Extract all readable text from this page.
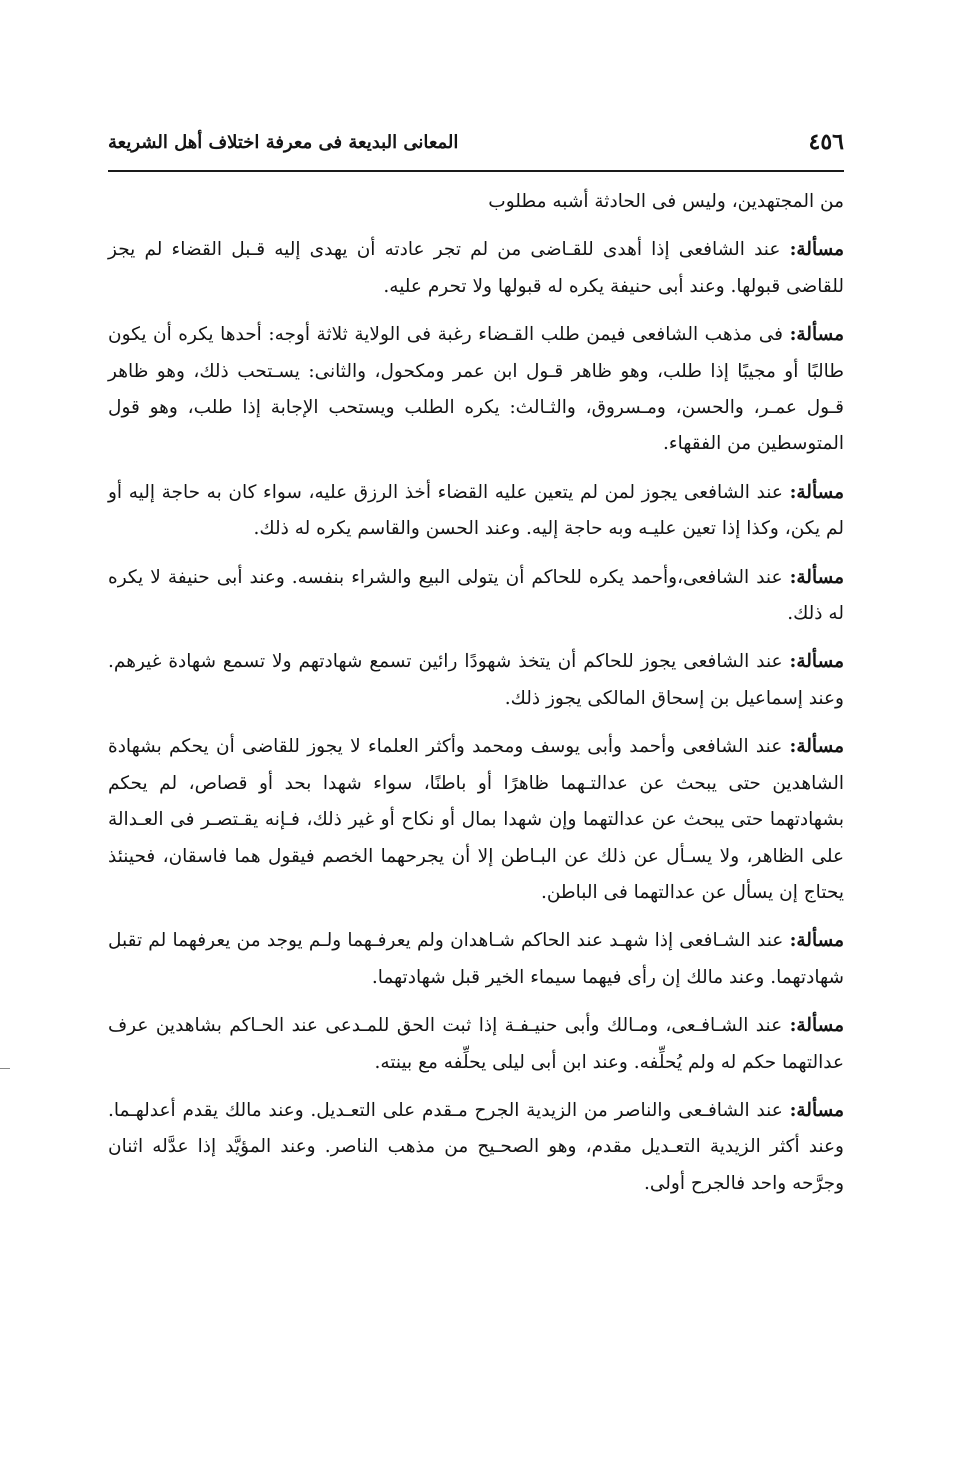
٤٥٦
المعانى البديعة فى معرفة اختلاف أهل الشريعة

من المجتهدين، وليس فى الحادثة أشبه مطلوب

مسألة: عند الشافعى إذا أهدى للقـاضى من لم تجر عادته أن يهدى إليه قـبل القضاء لم يجز للقاضى قبولها. وعند أبى حنيفة يكره له قبولها ولا تحرم عليه.

مسألة: فى مذهب الشافعى فيمن طلب القـضاء رغبة فى الولاية ثلاثة أوجه: أحدها يكره أن يكون طالبًا أو مجيبًا إذا طلب، وهو ظاهر قـول ابن عمر ومكحول، والثانى: يسـتحب ذلك، وهو ظاهر قـول عمـر، والحسن، ومـسروق، والثـالث: يكره الطلب ويستحب الإجابة إذا طلب، وهو قول المتوسطين من الفقهاء.

مسألة: عند الشافعى يجوز لمن لم يتعين عليه القضاء أخذ الرزق عليه، سواء كان به حاجة إليه أو لم يكن، وكذا إذا تعين عليـه وبه حاجة إليه. وعند الحسن والقاسم يكره له ذلك.

مسألة: عند الشافعى،وأحمد يكره للحاكم أن يتولى البيع والشراء بنفسه. وعند أبى حنيفة لا يكره له ذلك.

مسألة: عند الشافعى يجوز للحاكم أن يتخذ شهودًا رائين تسمع شهادتهم ولا تسمع شهادة غيرهم. وعند إسماعيل بن إسحاق المالكى يجوز ذلك.

مسألة: عند الشافعى وأحمد وأبى يوسف ومحمد وأكثر العلماء لا يجوز للقاضى أن يحكم بشهادة الشاهدين حتى يبحث عن عدالتـهما ظاهرًا أو باطنًا، سواء شهدا بحد أو قصاص، لم يحكم بشهادتهما حتى يبحث عن عدالتهما وإن شهدا بمال أو نكاح أو غير ذلك، فـإنه يقـتصـر فى العـدالة على الظاهر، ولا يسـأل عن ذلك عن البـاطن إلا أن يجرحهما الخصم فيقول هما فاسقان، فحينئذ يحتاج إن يسأل عن عدالتهما فى الباطن.

مسألة: عند الشـافعى إذا شهـد عند الحاكم شـاهدان ولم يعرفـهما ولـم يوجد من يعرفهما لم تقبل شهادتهما. وعند مالك إن رأى فيهما سيماء الخير قبل شهادتهما.

مسألة: عند الشـافـعى، ومـالك وأبى حنيـفـة إذا ثبت الحق للمـدعى عند الحـاكم بشاهدين عرف عدالتهما حكم له ولم يُحلِّفه. وعند ابن أبى ليلى يحلِّفه مع بينته.

مسألة: عند الشافـعى والناصر من الزيدية الجرح مـقدم على التعـديل. وعند مالك يقدم أعدلهـما. وعند أكثر الزيدية التعـديل مقدم، وهو الصحـيح من مذهب الناصر. وعند المؤيَّد إذا عدَّله اثنان وجرَّحه واحد فالجرح أولى.
